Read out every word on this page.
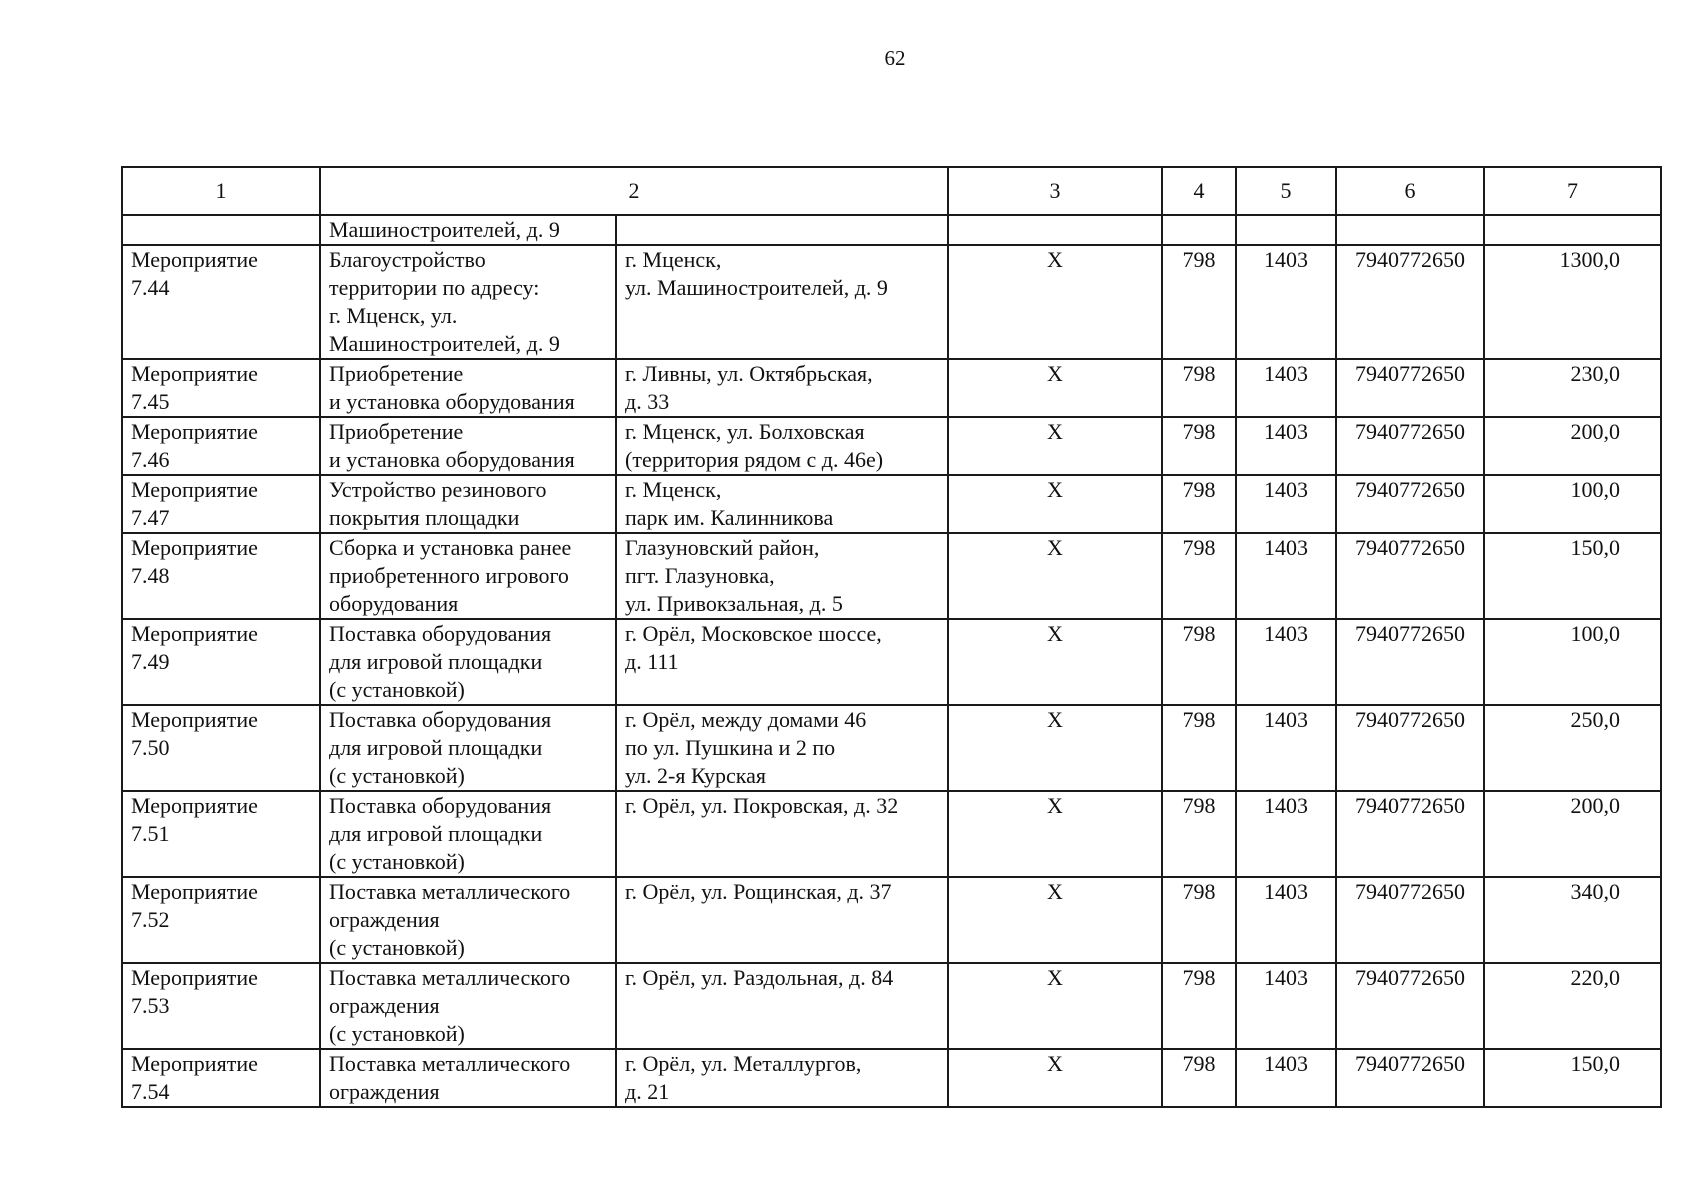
62
1	2		3	4	5	6	7
	Машиностроителей, д. 9						

Мероприятие
7.44	Благоустройство
территории по адресу:
г. Мценск, ул.
Машиностроителей, д. 9	г. Мценск,
ул. Машиностроителей, д. 9	Х	798	1403	7940772650	1300,0

Мероприятие
7.45	Приобретение
и установка оборудования	г. Ливны, ул. Октябрьская,
д. 33	Х	798	1403	7940772650	230,0

Мероприятие
7.46	Приобретение
и установка оборудования	г. Мценск, ул. Болховская
(территория рядом с д. 46е)	Х	798	1403	7940772650	200,0

Мероприятие
7.47	Устройство резинового
покрытия площадки	г. Мценск,
парк им. Калинникова	Х	798	1403	7940772650	100,0

Мероприятие
7.48	Сборка и установка ранее
приобретенного игрового
оборудования	Глазуновский район,
пгт. Глазуновка,
ул. Привокзальная, д. 5	Х	798	1403	7940772650	150,0

Мероприятие
7.49	Поставка оборудования
для игровой площадки
(с установкой)	г. Орёл, Московское шоссе,
д. 111	Х	798	1403	7940772650	100,0

Мероприятие
7.50	Поставка оборудования
для игровой площадки
(с установкой)	г. Орёл, между домами 46
по ул. Пушкина и 2 по
ул. 2-я Курская	Х	798	1403	7940772650	250,0

Мероприятие
7.51	Поставка оборудования
для игровой площадки
(с установкой)	г. Орёл, ул. Покровская, д. 32	Х	798	1403	7940772650	200,0

Мероприятие
7.52	Поставка металлического
ограждения
(с установкой)	г. Орёл, ул. Рощинская, д. 37	Х	798	1403	7940772650	340,0

Мероприятие
7.53	Поставка металлического
ограждения
(с установкой)	г. Орёл, ул. Раздольная, д. 84	Х	798	1403	7940772650	220,0

Мероприятие
7.54	Поставка металлического
ограждения	г. Орёл, ул. Металлургов,
д. 21	Х	798	1403	7940772650	150,0
